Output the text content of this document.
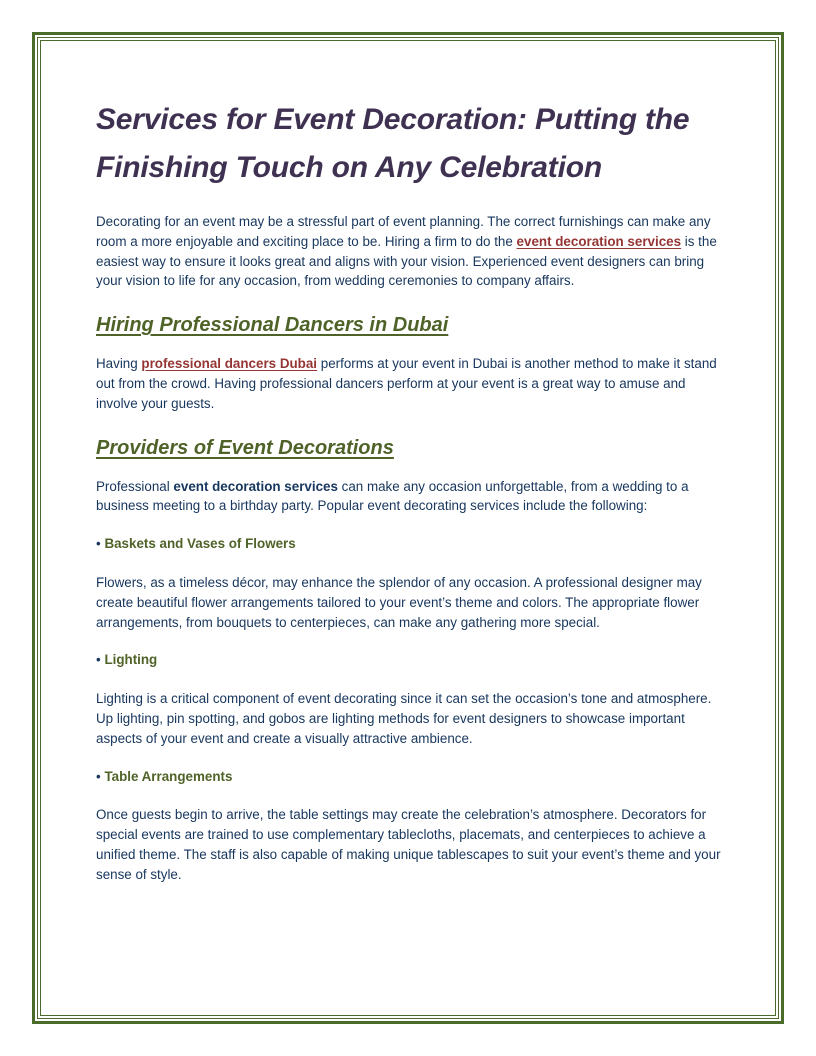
Services for Event Decoration: Putting the Finishing Touch on Any Celebration

Decorating for an event may be a stressful part of event planning. The correct furnishings can make any room a more enjoyable and exciting place to be. Hiring a firm to do the event decoration services is the easiest way to ensure it looks great and aligns with your vision. Experienced event designers can bring your vision to life for any occasion, from wedding ceremonies to company affairs.

Hiring Professional Dancers in Dubai

Having professional dancers Dubai performs at your event in Dubai is another method to make it stand out from the crowd. Having professional dancers perform at your event is a great way to amuse and involve your guests.

Providers of Event Decorations

Professional event decoration services can make any occasion unforgettable, from a wedding to a business meeting to a birthday party. Popular event decorating services include the following:

• Baskets and Vases of Flowers

Flowers, as a timeless décor, may enhance the splendor of any occasion. A professional designer may create beautiful flower arrangements tailored to your event’s theme and colors. The appropriate flower arrangements, from bouquets to centerpieces, can make any gathering more special.

• Lighting

Lighting is a critical component of event decorating since it can set the occasion’s tone and atmosphere. Up lighting, pin spotting, and gobos are lighting methods for event designers to showcase important aspects of your event and create a visually attractive ambience.

• Table Arrangements

Once guests begin to arrive, the table settings may create the celebration’s atmosphere. Decorators for special events are trained to use complementary tablecloths, placemats, and centerpieces to achieve a unified theme. The staff is also capable of making unique tablescapes to suit your event’s theme and your sense of style.
